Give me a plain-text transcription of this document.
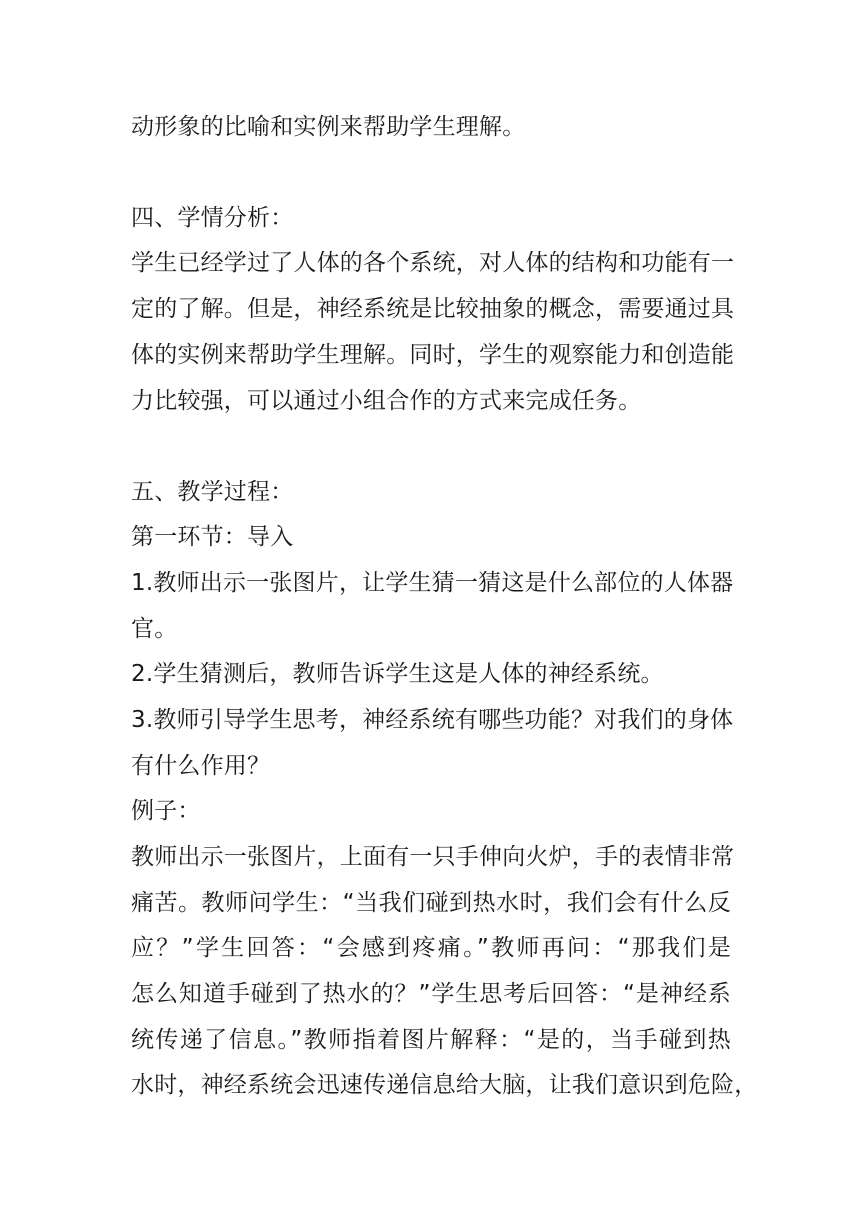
动形象的比喻和实例来帮助学生理解。
四、学情分析：
学生已经学过了人体的各个系统，对人体的结构和功能有一
定的了解。但是，神经系统是比较抽象的概念，需要通过具
体的实例来帮助学生理解。同时，学生的观察能力和创造能
力比较强，可以通过小组合作的方式来完成任务。
五、教学过程：
第一环节：导入
1.教师出示一张图片，让学生猜一猜这是什么部位的人体器
官。
2.学生猜测后，教师告诉学生这是人体的神经系统。
3.教师引导学生思考，神经系统有哪些功能？对我们的身体
有什么作用？
例子：
教师出示一张图片，上面有一只手伸向火炉，手的表情非常
痛苦。教师问学生：“当我们碰到热水时，我们会有什么反
应？”学生回答：“会感到疼痛。”教师再问：“那我们是
怎么知道手碰到了热水的？”学生思考后回答：“是神经系
统传递了信息。”教师指着图片解释：“是的，当手碰到热
水时，神经系统会迅速传递信息给大脑，让我们意识到危险，
